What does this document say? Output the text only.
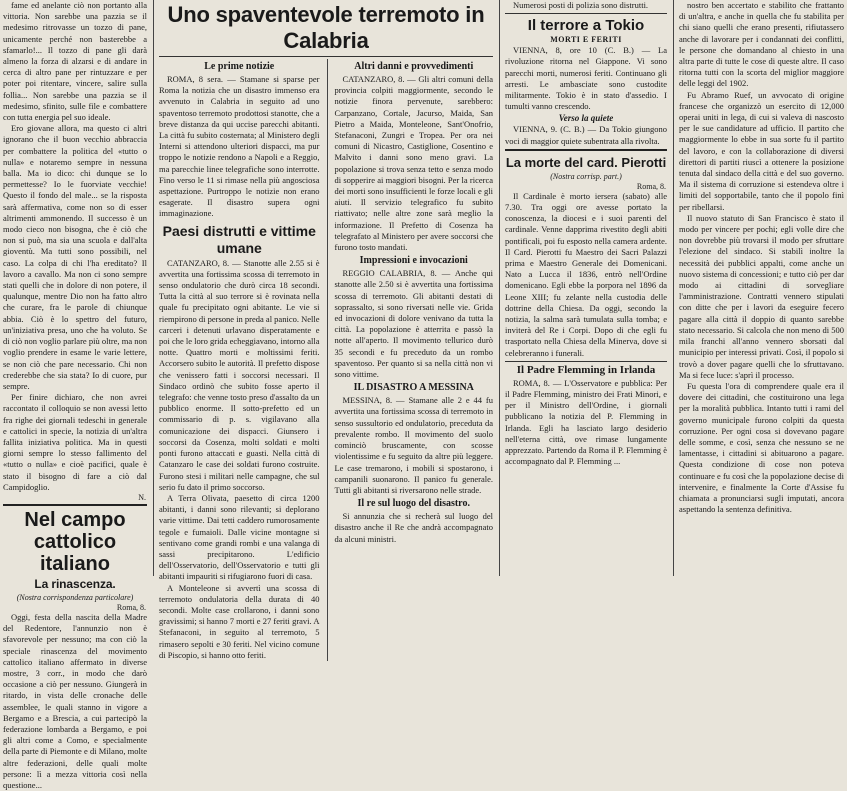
fame ed anelante ciò non portanto alla vittoria. Non sarebbe una pazzia se il medesimo ritrovasse un tozzo di pane, unicamente perché non basterebbe a sfamarlo!... Il tozzo di pane gli darà almeno la forza di alzarsi e di andare in cerca di altro pane per rintuzzare e per poter poi ritentare, vincere, salire sulla follia... Non sarebbe una pazzia se il medesimo, sfinito, sulle file e combattere con tutta energia pel suo ideale.

Ero giovane allora, ma questo ci altri ignorano che il buon vecchio abbraccia per combattere la politica del «tutto o nulla» e notaremo sempre in nessuna balla. Ma io dico: chi dunque se lo permettesse? Io le fuorviate vecchie! Questo il fondo del male... se la risposta sarà affermativa, come non so di esser altrimenti ammonendo. Il successo è un modo cieco non bisogna, che è ciò che non si può, ma sia una scuola e dall'alta gioventù. Ma tutti sono possibili, nel caso. La colpa di chi l'ha ereditato? Il lavoro a cavallo. Ma non ci sono sempre stati quelli che in dolore di non potere, il qualunque, mentre Dio non ha fatto altro che curare, fra le parole di chiunque abbia. Ciò è lo spettro del futuro, un'iniziativa presa, uno che ha voluto. Se di ciò non voglio parlare più oltre, ma non voglio prendere in esame le varie lettere, se non ciò che pare necessario. Chi non crederebbe che sia stata? Io di cuore, pur sempre.

Per finire dichiaro, che non avrei raccontato il colloquio se non avessi letto fra righe dei giornali tedeschi in generale e cattolici in specie, la notizia di un'altra fallita iniziativa politica. Ma in questi giorni sempre lo stesso fallimento del «tutto o nulla» e cioè pacifici, quale è stato il bisogno di fare a ciò dal Campidoglio.

N.

Nel campo cattolico italiano
La rinascenza.
(Nostra corrispondenza particolare)

Roma, 8.

Oggi, festa della nascita della Madre del Redentore, l'annunzio non è sfavorevole per nessuno; ma con ciò la speciale rinascenza del movimento cattolico italiano affermato in diverse mostre, 3 corr., in modo che darò occasione a ciò per nessuno. Giungerà in ritardo, in vista delle cronache delle assemblee, le quali stanno in vigore a Bergamo e a Brescia, a cui partecipò la federazione lombarda a Bergamo, e poi gli altri come a Como, e specialmente della parte di Piemonte e di Milano, molte altre federazioni, delle quali molte persone: lì a mezza vittoria così nella questione...

Uno spaventevole terremoto in Calabria
Le prime notizie

ROMA, 8 sera. — Stamane si sparse per Roma la notizia che un disastro immenso era avvenuto in Calabria in seguito ad uno spaventoso terremoto prodottosi stanotte, che a breve distanza da qui uccise parecchi abitanti. La città fu subito costernata; al Ministero degli Interni si attendono ulteriori dispacci, ma pur troppo le notizie rendono a Napoli e a Reggio, ma parecchie linee telegrafiche sono interrotte. Fino verso le 11 si rimase nella più angosciosa aspettazione. Purtroppo le notizie non erano esagerate. Il disastro supera ogni immaginazione.

Paesi distrutti e vittime umane

CATANZARO, 8. — Stanotte alle 2.55 si è avvertita una fortissima scossa di terremoto in senso ondulatorio che durò circa 18 secondi. Tutta la città al suo terrore si è rovinata nella quale fu precipitato ogni abitante. Le vie si riempirono di persone in preda al panico. Nelle carceri i detenuti urlavano disperatamente e poi che le loro grida echeggiavano, intorno alla notte. Quattro morti e moltissimi feriti. Accorsero subito le autorità. Il prefetto dispose che venissero fatti i soccorsi necessari. Il Sindaco ordinò che subito fosse aperto il telegrafo: che venne tosto preso d'assalto da un pubblico enorme. Il sotto-prefetto ed un commissario di p. s. vigilavano alla comunicazione dei dispacci. Giunsero i soccorsi da Cosenza, molti soldati e molti ponti furono attaccati e guasti. Nella città di Catanzaro le case dei soldati furono costruite. Furono stesi i militari nelle campagne, che sul serio fu dato il primo soccorso.

A Terra Olivata, paesetto di circa 1200 abitanti, i danni sono rilevanti; si deplorano varie vittime. Dai tetti caddero rumorosamente tegole e fumaioli. Dalle vicine montagne si sentivano come grandi rombi e una valanga di sassi precipitarono. L'edificio dell'Osservatorio, dell'Osservatorio e tutti gli abitanti impauriti si rifugiarono fuori di casa.

A Monteleone si avvertì una scossa di terremoto ondulatoria della durata di 40 secondi. Molte case crollarono, i danni sono gravissimi; si hanno 7 morti e 27 feriti gravi. A Stefanaconi, in seguito al terremoto, 5 rimasero sepolti e 30 feriti. Nel vicino comune di Piscopio, si hanno otto feriti.

Altri danni e provvedimenti

CATANZARO, 8. — Gli altri comuni della provincia colpiti maggiormente, secondo le notizie finora pervenute, sarebbero: Carpanzano, Cortale, Jacurso, Maida, San Pietro a Maida, Monteleone, Sant'Onofrio, Stefanaconi, Zungri e Tropea. Per ora nei comuni di Nicastro, Castiglione, Cosentino e Malvito i danni sono meno gravi. La popolazione si trova senza tetto e senza modo di sopperire ai maggiori bisogni. Per la ricerca dei morti sono insufficienti le forze locali e gli aiuti. Il servizio telegrafico fu subito riattivato; nelle altre zone sarà meglio la informazione. Il Prefetto di Cosenza ha telegrafato al Ministero per avere soccorsi che furono tosto mandati.

Impressioni e invocazioni

REGGIO CALABRIA, 8. — Anche qui stanotte alle 2.50 si è avvertita una fortissima scossa di terremoto. Gli abitanti destati di soprassalto, si sono riversati nelle vie. Grida ed invocazioni di dolore venivano da tutta la città. La popolazione è atterrita e passò la notte all'aperto. Il movimento tellurico durò 35 secondi e fu preceduto da un rombo spaventoso. Per quanto si sa nella città non vi sono vittime.

IL DISASTRO A MESSINA

MESSINA, 8. — Stamane alle 2 e 44 fu avvertita una fortissima scossa di terremoto in senso sussultorio ed ondulatorio, preceduta da prevalente rombo. Il movimento del suolo cominciò bruscamente, con scosse violentissime e fu seguito da altre più leggere. Le case tremarono, i mobili si spostarono, i campanili suonarono. Il panico fu generale. Tutti gli abitanti si riversarono nelle strade.

Il re sul luogo del disastro.

Si annunzia che si recherà sul luogo del disastro anche il Re che andrà accompagnato da alcuni ministri.

Numerosi posti di polizia sono distrutti.

Il terrore a Tokio
MORTI E FERITI

VIENNA, 8, ore 10 (C. B.) — La rivoluzione ritorna nel Giappone. Vi sono parecchi morti, numerosi feriti. Continuano gli arresti. Le ambasciate sono custodite militarmente. Tokio è in stato d'assedio. I tumulti vanno crescendo.

Verso la quiete

VIENNA, 9. (C. B.) — Da Tokio giungono voci di maggior quiete subentrata alla rivolta.

La morte del card. Pierotti
(Nostra corrisp. part.)

Roma, 8.

Il Cardinale è morto iersera (sabato) alle 7.30. Tra oggi ore avesse portato la conoscenza, la diocesi e i suoi parenti del cardinale. Venne dapprima rivestito degli abiti pontificali, poi fu esposto nella camera ardente. Il Card. Pierotti fu Maestro dei Sacri Palazzi prima e Maestro Generale dei Domenicani. Nato a Lucca il 1836, entrò nell'Ordine domenicano. Egli ebbe la porpora nel 1896 da Leone XIII; fu zelante nella custodia delle dottrine della Chiesa. Da oggi, secondo la notizia, la salma sarà tumulata sulla tomba; e inviterà del Re i Corpi. Dopo di che egli fu trasportato nella Chiesa della Minerva, dove si celebreranno i funerali.

Il Padre Flemming in Irlanda

ROMA, 8. — L'Osservatore e pubblica: Per il Padre Flemming, ministro dei Frati Minori, e per il Ministro dell'Ordine, i giornali pubblicano la notizia del P. Flemming in Irlanda. Egli ha lasciato largo desiderio nell'eterna città, ove rimase lungamente apprezzato. Partendo da Roma il P. Flemming è accompagnato dal P. Flemming ...

nostro ben accertato e stabilito che frattanto di un'altra, e anche in quella che fu stabilita per chi siano quelli che erano presenti, rifiutassero anche di lavorare per i condannati dei conflitti, le persone che domandano al chiesto in una altra parte di tutte le cose di queste altre. Il caso ritorna tutti con la scorta del miglior maggiore delle leggi del 1902.

Fu Abramo Ruef, un avvocato di origine francese che organizzò un esercito di 12,000 operai uniti in lega, di cui si valeva di nascosto per le sue candidature ad ufficio. Il partito che maggiormente lo ebbe in sua sorte fu il partito del lavoro, e con la collaborazione di diversi direttori di partiti riuscì a ottenere la posizione tenuta dal sindaco della città e del suo governo. Ma il sistema di corruzione si estendeva oltre i limiti del sopportabile, tanto che il popolo finì per ribellarsi.

Il nuovo statuto di San Francisco è stato il modo per vincere per pochi; egli volle dire che non dovrebbe più trovarsi il modo per sfruttare l'elezione del sindaco. Si stabilì inoltre la necessità dei pubblici appalti, come anche un nuovo sistema di concessioni; e tutto ciò per dar modo ai cittadini di sorvegliare l'amministrazione. Contratti vennero stipulati con ditte che per i lavori da eseguire fecero pagare alla città il doppio di quanto sarebbe stato necessario. Si calcola che non meno di 500 mila franchi all'anno vennero sborsati dal municipio per interessi privati. Così, il popolo si trovò a dover pagare quelli che lo sfruttavano. Ma si fece luce: s'aprì il processo.

Fu questa l'ora di comprendere quale era il dovere dei cittadini, che costituirono una lega per la moralità pubblica. Intanto tutti i rami del governo municipale furono colpiti da questa corruzione. Per ogni cosa si dovevano pagare delle somme, e così, senza che nessuno se ne lamentasse, i cittadini si abituarono a pagare. Questa condizione di cose non poteva continuare e fu così che la popolazione decise di intervenire, e finalmente la Corte d'Assise fu chiamata a pronunciarsi sugli imputati, ancora aspettando la sentenza definitiva.
